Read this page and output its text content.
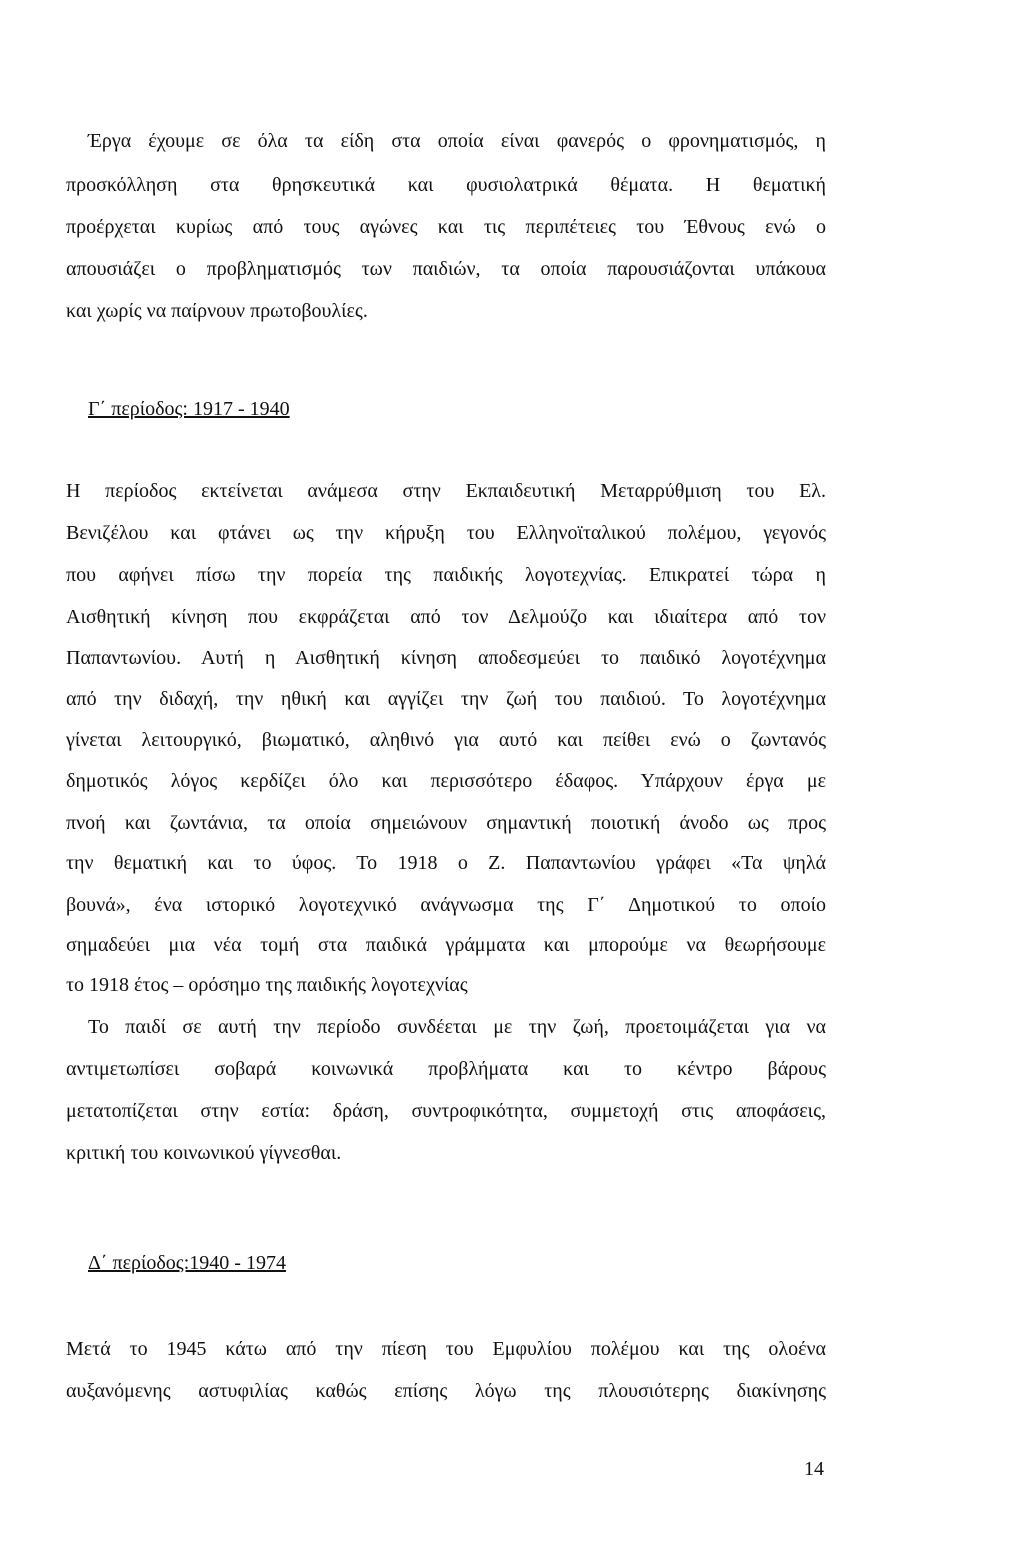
Έργα έχουμε σε όλα τα είδη στα οποία είναι φανερός ο φρονηματισμός, η
προσκόλληση στα θρησκευτικά και φυσιολατρικά θέματα. Η θεματική
προέρχεται κυρίως από τους αγώνες και τις περιπέτειες του Έθνους ενώ ο
απουσιάζει ο προβληματισμός των παιδιών, τα οποία παρουσιάζονται υπάκουα
και χωρίς να παίρνουν πρωτοβουλίες.
Γ΄ περίοδος: 1917 - 1940
Η περίοδος εκτείνεται ανάμεσα στην Εκπαιδευτική Μεταρρύθμιση του Ελ.
Βενιζέλου και φτάνει ως την κήρυξη του Ελληνοϊταλικού πολέμου, γεγονός
που αφήνει πίσω την πορεία της παιδικής λογοτεχνίας. Επικρατεί τώρα η
Αισθητική κίνηση που εκφράζεται από τον Δελμούζο και ιδιαίτερα από τον
Παπαντωνίου. Αυτή η Αισθητική κίνηση αποδεσμεύει το παιδικό λογοτέχνημα
από την διδαχή, την ηθική και αγγίζει την ζωή του παιδιού. Το λογοτέχνημα
γίνεται λειτουργικό, βιωματικό, αληθινό για αυτό και πείθει ενώ ο ζωντανός
δημοτικός λόγος κερδίζει όλο και περισσότερο έδαφος. Υπάρχουν έργα με
πνοή και ζωντάνια, τα οποία σημειώνουν σημαντική ποιοτική άνοδο ως προς
την θεματική και το ύφος. Το 1918 ο Ζ. Παπαντωνίου γράφει «Τα ψηλά
βουνά», ένα ιστορικό λογοτεχνικό ανάγνωσμα της Γ΄ Δημοτικού το οποίο
σημαδεύει μια νέα τομή στα παιδικά γράμματα και μπορούμε να θεωρήσουμε
το 1918 έτος – ορόσημο της παιδικής λογοτεχνίας
Το παιδί σε αυτή την περίοδο συνδέεται με την ζωή, προετοιμάζεται για να
αντιμετωπίσει σοβαρά κοινωνικά προβλήματα και το κέντρο βάρους
μετατοπίζεται στην εστία: δράση, συντροφικότητα, συμμετοχή στις αποφάσεις,
κριτική του κοινωνικού γίγνεσθαι.
Δ΄ περίοδος:1940 - 1974
Μετά το 1945 κάτω από την πίεση του Εμφυλίου πολέμου και της ολοένα
αυξανόμενης αστυφιλίας καθώς επίσης λόγω της πλουσιότερης διακίνησης
14
